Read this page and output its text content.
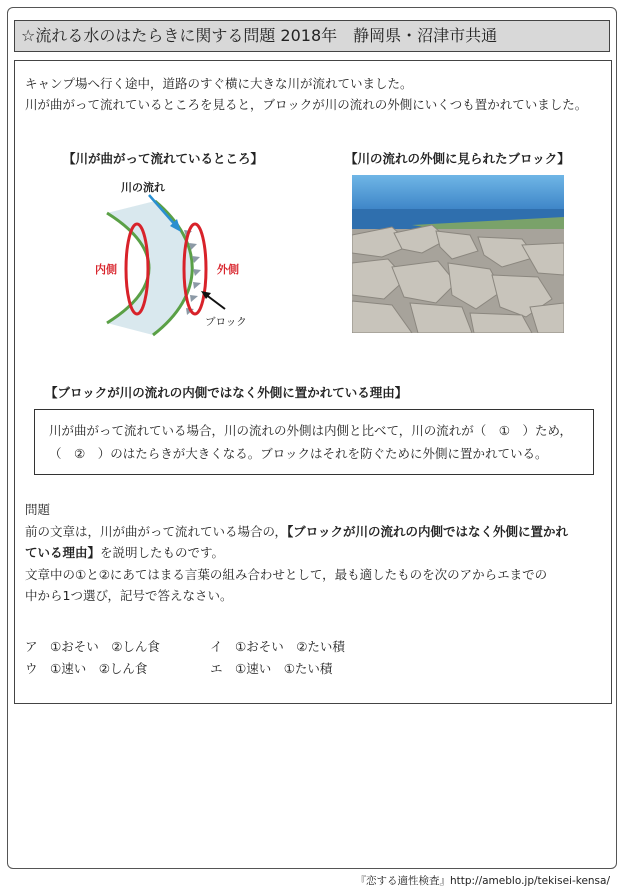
☆流れる水のはたらきに関する問題 2018年　静岡県・沼津市共通
キャンプ場へ行く途中，道路のすぐ横に大きな川が流れていました。
川が曲がって流れているところを見ると，ブロックが川の流れの外側にいくつも置かれていました。
【川が曲がって流れているところ】	【川の流れの外側に見られたブロック】
川の流れ
内側	外側
ブロック
【ブロックが川の流れの内側ではなく外側に置かれている理由】
川が曲がって流れている場合，川の流れの外側は内側と比べて，川の流れが（　①　）ため，
（　②　）のはたらきが大きくなる。ブロックはそれを防ぐために外側に置かれている。
問題
前の文章は，川が曲がって流れている場合の，【ブロックが川の流れの内側ではなく外側に置かれ
ている理由】を説明したものです。
文章中の①と②にあてはまる言葉の組み合わせとして，最も適したものを次のアからエまでの
中から1つ選び，記号で答えなさい。
ア　①おそい　②しん食	イ　①おそい　②たい積
ウ　①速い　②しん食	エ　①速い　①たい積
『恋する適性検査』http://ameblo.jp/tekisei-kensa/
